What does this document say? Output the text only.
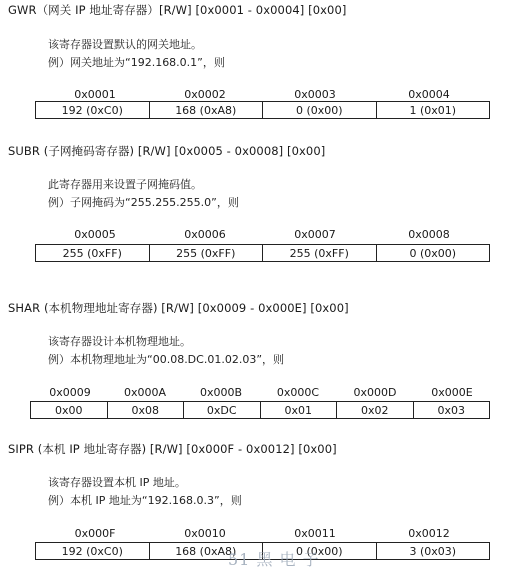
GWR（网关 IP 地址寄存器）[R/W] [0x0001 - 0x0004] [0x00]
该寄存器设置默认的网关地址。
例）网关地址为“192.168.0.1”，则
0x0001	0x0002	0x0003	0x0004
192 (0xC0)	168 (0xA8)	0 (0x00)	1 (0x01)
SUBR (子网掩码寄存器) [R/W] [0x0005 - 0x0008] [0x00]
此寄存器用来设置子网掩码值。
例）子网掩码为“255.255.255.0”，则
0x0005	0x0006	0x0007	0x0008
255 (0xFF)	255 (0xFF)	255 (0xFF)	0 (0x00)
SHAR (本机物理地址寄存器) [R/W] [0x0009 - 0x000E] [0x00]
该寄存器设计本机物理地址。
例）本机物理地址为“00.08.DC.01.02.03”，则
0x0009	0x000A	0x000B	0x000C	0x000D	0x000E
0x00	0x08	0xDC	0x01	0x02	0x03
SIPR (本机 IP 地址寄存器) [R/W] [0x000F - 0x0012] [0x00]
该寄存器设置本机 IP 地址。
例）本机 IP 地址为“192.168.0.3”，则
0x000F	0x0010	0x0011	0x0012
192 (0xC0)	168 (0xA8)	0 (0x00)	3 (0x03)
51 黑 电 子
